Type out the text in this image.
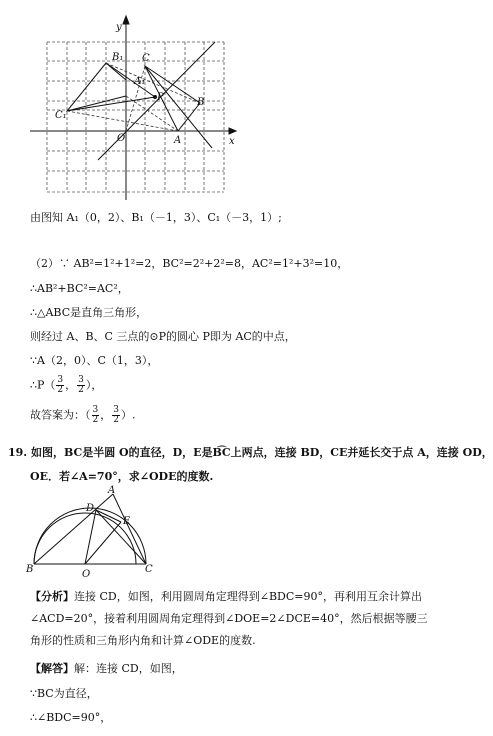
y
x
O
B₁ C
A₁
P	B
C₁
A
由图知 A₁（0，2）、B₁（－1，3）、C₁（－3，1）;
（2）∵ AB²=1²+1²=2，BC²=2²+2²=8，AC²=1²+3²=10，
∴AB²+BC²=AC²，
∴△ABC是直角三角形，
则经过 A、B、C 三点的⊙P的圆心 P即为 AC的中点，
∵A（2，0）、C（1，3），
∴P（ $\frac{3}{2}$ ， $\frac{3}{2}$ ），
故答案为：（ $\frac{3}{2}$ ， $\frac{3}{2}$ ）.
19. 如图，BC是半圆 O的直径，D，E是B͡C上两点，连接 BD，CE并延长交于点 A，连接 OD，
OE．若∠A=70°，求∠ODE的度数.
A
D
E
B	O	C
【分析】连接 CD，如图，利用圆周角定理得到∠BDC=90°，再利用互余计算出∠ACD=20°，接着利用圆周角定理得到∠DOE=2∠DCE=40°，然后根据等腰三角形的性质和三角形内角和计算∠ODE的度数.
【解答】解：连接 CD，如图，
∵BC为直径，
∴∠BDC=90°，
